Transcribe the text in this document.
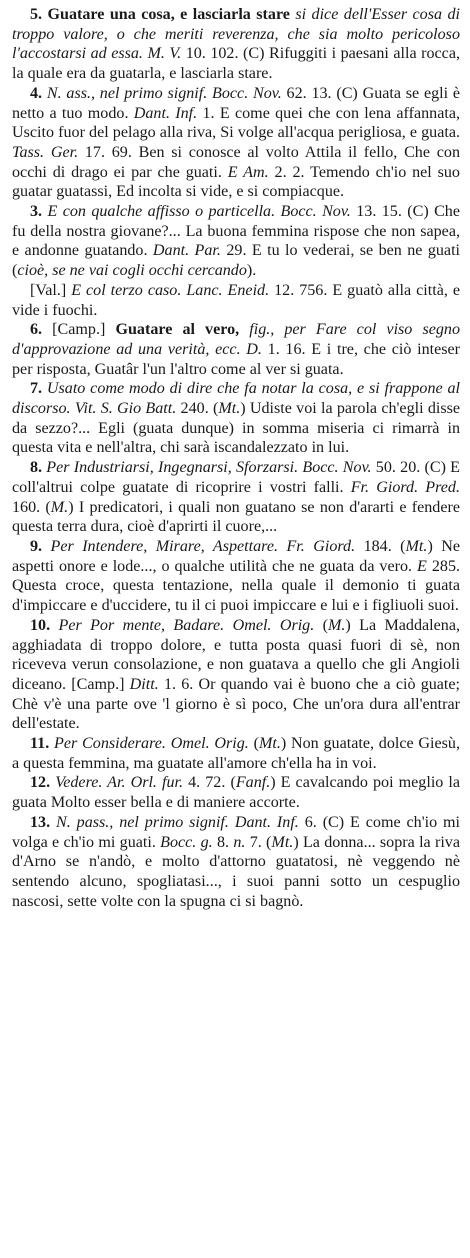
5. Guatare una cosa, e lasciarla stare si dice dell'Esser cosa di troppo valore, o che meriti reverenza, che sia molto pericoloso l'accostarsi ad essa. M. V. 10. 102. (C) Rifuggiti i paesani alla rocca, la quale era da guatarla, e lasciarla stare.

4. N. ass., nel primo signif. Bocc. Nov. 62. 13. (C) Guata se egli è netto a tuo modo. Dant. Inf. 1. E come quei che con lena affannata, Uscito fuor del pelago alla riva, Si volge all'acqua perigliosa, e guata. Tass. Ger. 17. 69. Ben si conosce al volto Attila il fello, Che con occhi di drago ei par che guati. E Am. 2. 2. Temendo ch'io nel suo guatar guatassi, Ed incolta si vide, e si compiacque.

3. E con qualche affisso o particella. Bocc. Nov. 13. 15. (C) Che fu della nostra giovane?... La buona femmina rispose che non sapea, e andonne guatando. Dant. Par. 29. E tu lo vederai, se ben ne guati (cioè, se ne vai cogli occhi cercando).

[Val.] E col terzo caso. Lanc. Eneid. 12. 756. E guatò alla città, e vide i fuochi.

6. [Camp.] Guatare al vero, fig., per Fare col viso segno d'approvazione ad una verità, ecc. D. 1. 16. E i tre, che ciò inteser per risposta, Guatâr l'un l'altro come al ver si guata.

7. Usato come modo di dire che fa notar la cosa, e si frappone al discorso. Vit. S. Gio Batt. 240. (Mt.) Udiste voi la parola ch'egli disse da sezzo?... Egli (guata dunque) in somma miseria ci rimarrà in questa vita e nell'altra, chi sarà iscandalezzato in lui.

8. Per Industriarsi, Ingegnarsi, Sforzarsi. Bocc. Nov. 50. 20. (C) E coll'altrui colpe guatate di ricoprire i vostri falli. Fr. Giord. Pred. 160. (M.) I predicatori, i quali non guatano se non d'ararti e fendere questa terra dura, cioè d'aprirti il cuore,...

9. Per Intendere, Mirare, Aspettare. Fr. Giord. 184. (Mt.) Ne aspetti onore e lode..., o qualche utilità che ne guata da vero. E 285. Questa croce, questa tentazione, nella quale il demonio ti guata d'impiccare e d'uccidere, tu il ci puoi impiccare e lui e i figliuoli suoi.

10. Per Por mente, Badare. Omel. Orig. (M.) La Maddalena, agghiadata di troppo dolore, e tutta posta quasi fuori di sè, non riceveva verun consolazione, e non guatava a quello che gli Angioli diceano. [Camp.] Ditt. 1. 6. Or quando vai è buono che a ciò guate; Chè v'è una parte ove 'l giorno è sì poco, Che un'ora dura all'entrar dell'estate.

11. Per Considerare. Omel. Orig. (Mt.) Non guatate, dolce Giesù, a questa femmina, ma guatate all'amore ch'ella ha in voi.

12. Vedere. Ar. Orl. fur. 4. 72. (Fanf.) E cavalcando poi meglio la guata Molto esser bella e di maniere accorte.

13. N. pass., nel primo signif. Dant. Inf. 6. (C) E come ch'io mi volga e ch'io mi guati. Bocc. g. 8. n. 7. (Mt.) La donna... sopra la riva d'Arno se n'andò, e molto d'attorno guatatosi, nè veggendo nè sentendo alcuno, spogliatasi..., i suoi panni sotto un cespuglio nascosi, sette volte con la spugna ci si bagnò.
